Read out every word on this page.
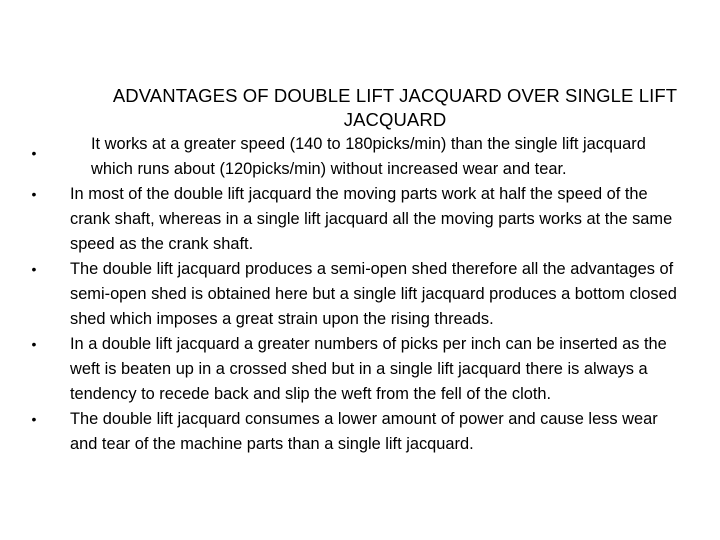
ADVANTAGES OF DOUBLE LIFT JACQUARD OVER SINGLE LIFT JACQUARD
•	It works at a greater speed (140 to 180picks/min) than the single lift jacquard which runs about (120picks/min) without increased wear and tear.
• In most of the double lift jacquard the moving parts work at half the speed of the crank shaft, whereas in a single lift jacquard all the moving parts works at the same speed as the crank shaft.
• The double lift jacquard produces a semi-open shed therefore all the advantages of semi-open shed is obtained here but a single lift jacquard produces a bottom closed shed which imposes a great strain upon the rising threads.
• In a double lift jacquard a greater numbers of picks per inch can be inserted as the weft is beaten up in a crossed shed but in a single lift jacquard there is always a tendency to recede back and slip the weft from the fell of the cloth.
• The double lift jacquard consumes a lower amount of power and cause less wear and tear of the machine parts than a single lift jacquard.
